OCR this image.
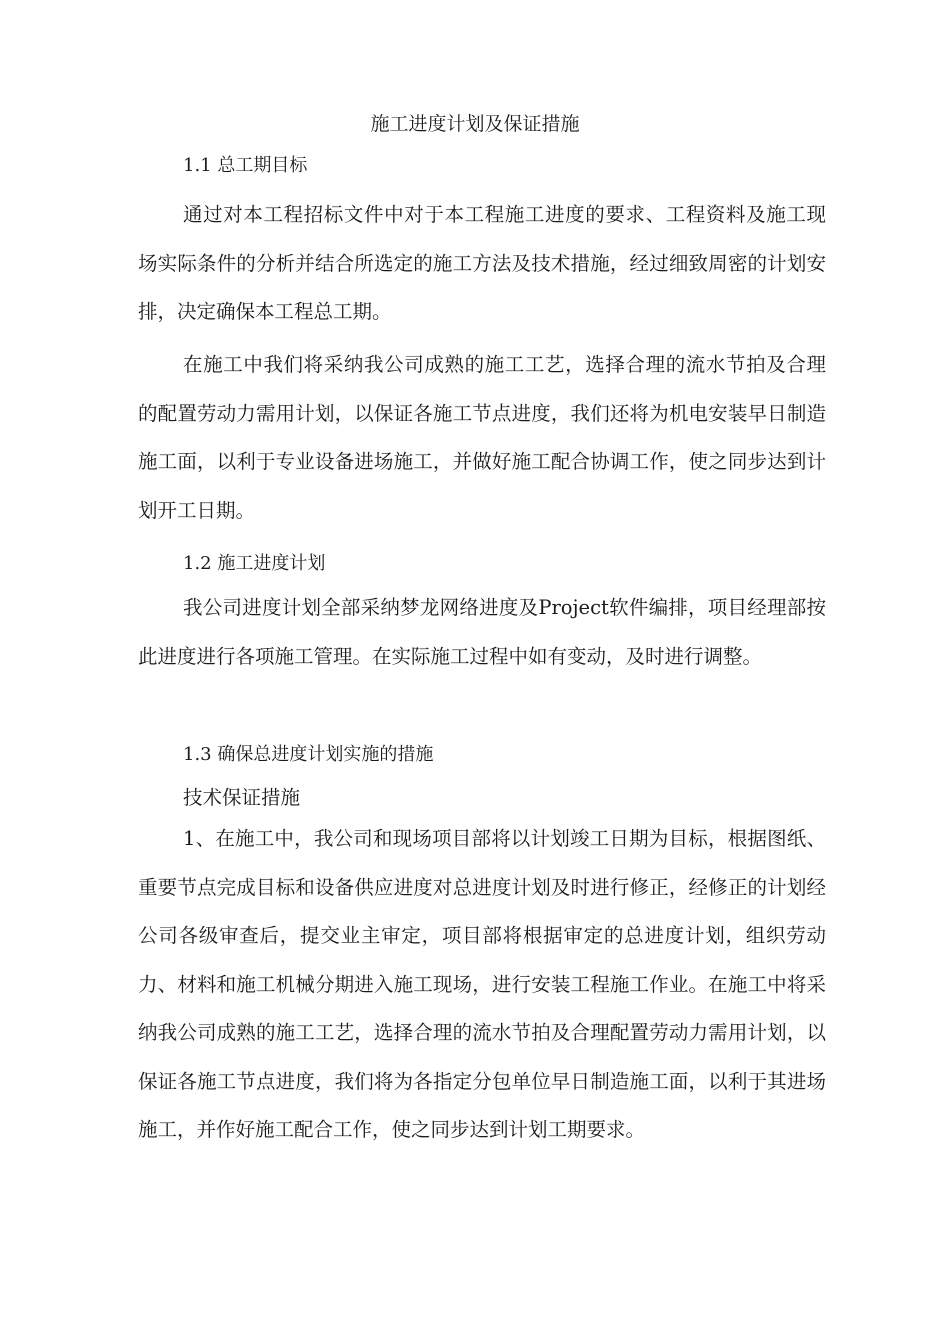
施工进度计划及保证措施
1.1 总工期目标

通过对本工程招标文件中对于本工程施工进度的要求、工程资料及施工现场实际条件的分析并结合所选定的施工方法及技术措施，经过细致周密的计划安排，决定确保本工程总工期。

在施工中我们将采纳我公司成熟的施工工艺，选择合理的流水节拍及合理的配置劳动力需用计划，以保证各施工节点进度，我们还将为机电安装早日制造施工面，以利于专业设备进场施工，并做好施工配合协调工作，使之同步达到计划开工日期。

1.2 施工进度计划

我公司进度计划全部采纳梦龙网络进度及Project软件编排，项目经理部按此进度进行各项施工管理。在实际施工过程中如有变动，及时进行调整。

1.3 确保总进度计划实施的措施
技术保证措施

1、在施工中，我公司和现场项目部将以计划竣工日期为目标，根据图纸、重要节点完成目标和设备供应进度对总进度计划及时进行修正，经修正的计划经公司各级审查后，提交业主审定，项目部将根据审定的总进度计划，组织劳动力、材料和施工机械分期进入施工现场，进行安装工程施工作业。在施工中将采纳我公司成熟的施工工艺，选择合理的流水节拍及合理配置劳动力需用计划，以保证各施工节点进度，我们将为各指定分包单位早日制造施工面，以利于其进场施工，并作好施工配合工作，使之同步达到计划工期要求。
